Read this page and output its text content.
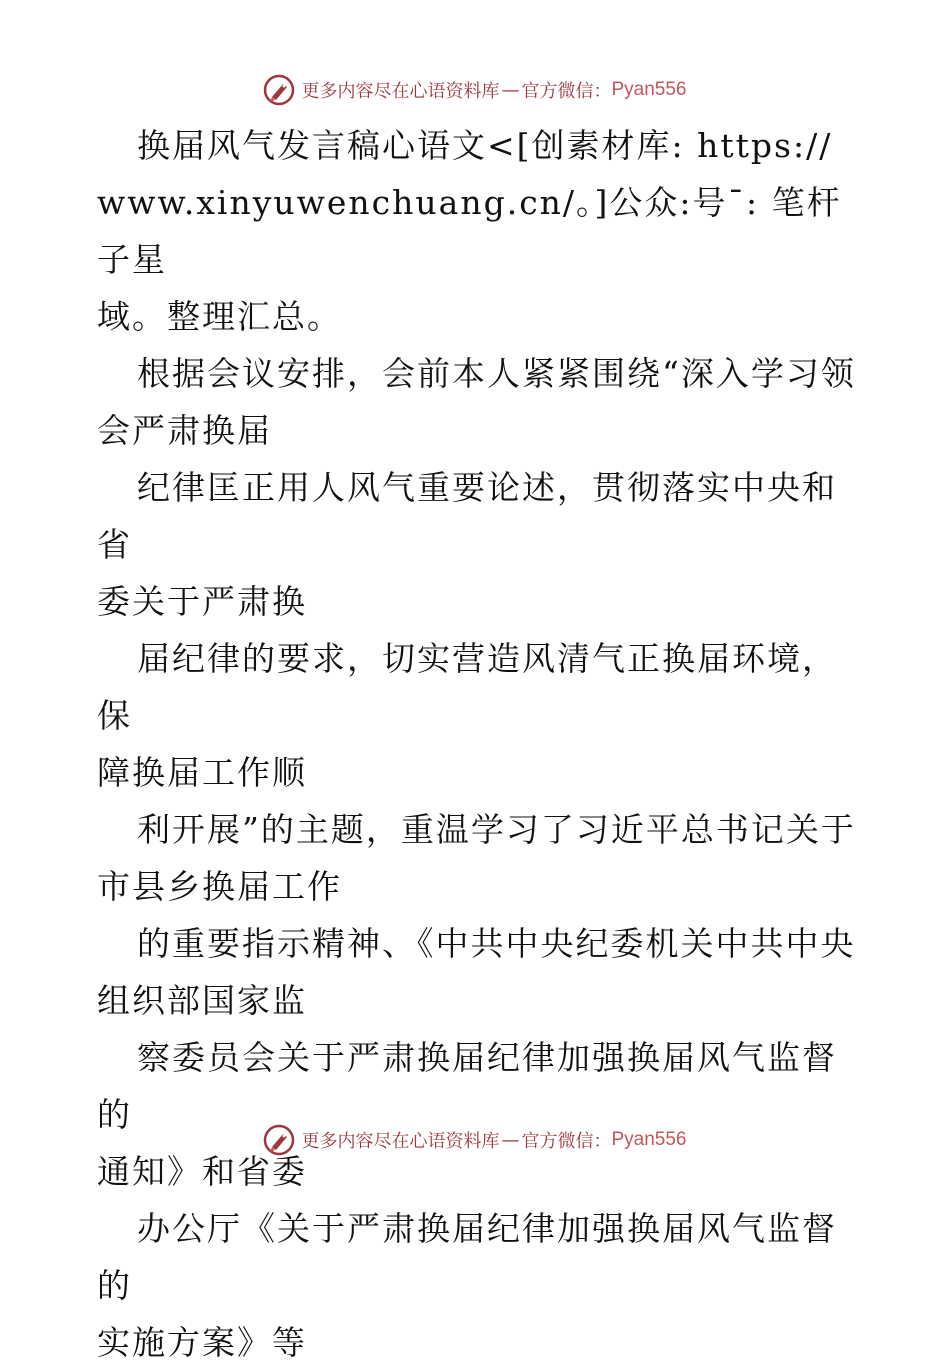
更多内容尽在心语资料库 — 官方微信： Pyan556

换届风气发言稿心语文<[创素材库: https://
www.xinyuwenchuang.cn/。]公众:号¯: 笔杆子星
域。整理汇总。

根据会议安排，会前本人紧紧围绕“深入学习领
会严肃换届

纪律匡正用人风气重要论述，贯彻落实中央和省
委关于严肃换

届纪律的要求，切实营造风清气正换届环境，保
障换届工作顺

利开展”的主题，重温学习了习近平总书记关于
市县乡换届工作

的重要指示精神、《中共中央纪委机关中共中央
组织部国家监

察委员会关于严肃换届纪律加强换届风气监督的
通知》和省委

办公厅《关于严肃换届纪律加强换届风气监督的
实施方案》等

更多内容尽在心语资料库 — 官方微信： Pyan556
